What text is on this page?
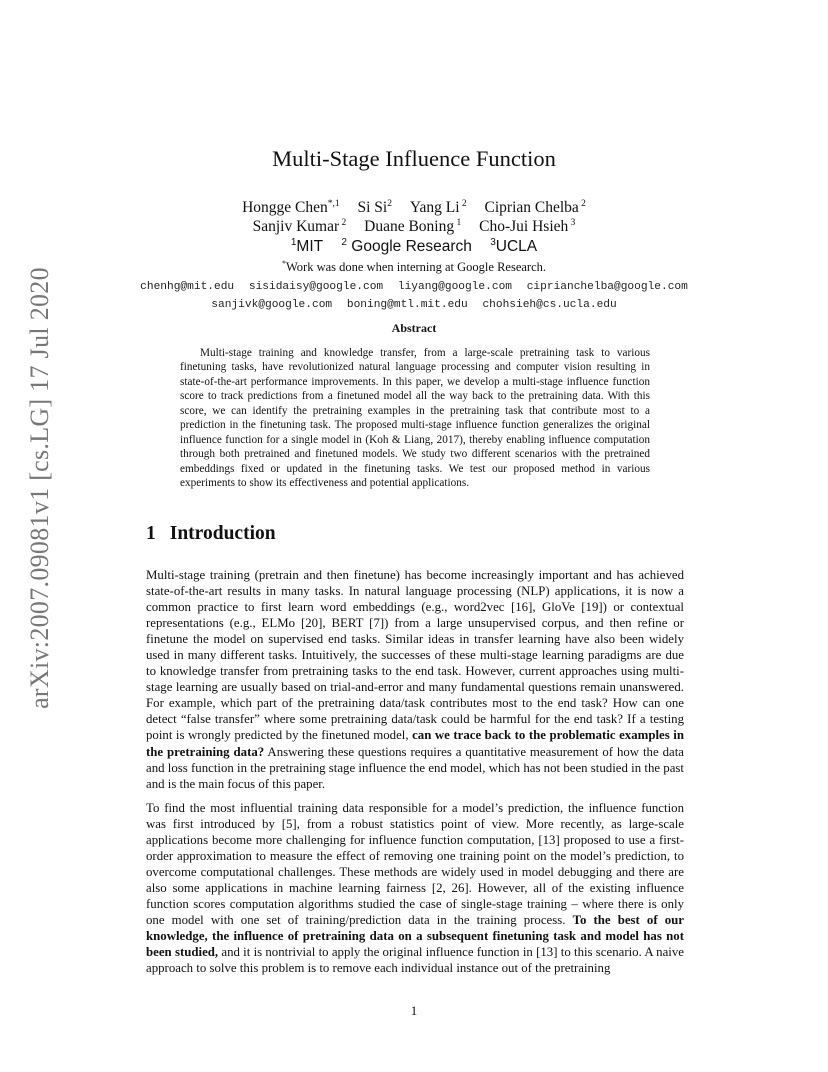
arXiv:2007.09081v1 [cs.LG] 17 Jul 2020
Multi-Stage Influence Function
Hongge Chen$^{*,1}$ Si Si$^2$ Yang Li $^2$ Ciprian Chelba $^2$
Sanjiv Kumar $^2$ Duane Boning $^1$ Cho-Jui Hsieh $^3$
$^1$MIT $^2$ Google Research $^3$UCLA
*Work was done when interning at Google Research.
chenhg@mit.edu sisidaisy@google.com liyang@google.com cipri​anchelba@google.com
sanjivk@google.com boning@mtl.mit.edu chohsieh@cs.ucla.edu
Abstract

Multi-stage training and knowledge transfer, from a large-scale pretraining task to various finetuning tasks, have revolutionized natural language processing and computer vision resulting in state-of-the-art performance improvements. In this paper, we develop a multi-stage influence function score to track predictions from a finetuned model all the way back to the pretraining data. With this score, we can identify the pretraining examples in the pretraining task that contribute most to a prediction in the finetuning task. The proposed multi-stage influence function generalizes the original influence function for a single model in (Koh & Liang, 2017), thereby enabling influence computation through both pretrained and finetuned models. We study two different scenarios with the pretrained embeddings fixed or updated in the finetuning tasks. We test our proposed method in various experiments to show its effectiveness and potential applications.

1 Introduction

Multi-stage training (pretrain and then finetune) has become increasingly important and has achieved state-of-the-art results in many tasks. In natural language processing (NLP) applications, it is now a common practice to first learn word embeddings (e.g., word2vec [16], GloVe [19]) or contextual representations (e.g., ELMo [20], BERT [7]) from a large unsupervised corpus, and then refine or finetune the model on supervised end tasks. Similar ideas in transfer learning have also been widely used in many different tasks. Intuitively, the successes of these multi-stage learning paradigms are due to knowledge transfer from pretraining tasks to the end task. However, current approaches using multi-stage learning are usually based on trial-and-error and many fundamental questions remain unanswered. For example, which part of the pretraining data/task contributes most to the end task? How can one detect “false transfer” where some pretraining data/task could be harmful for the end task? If a testing point is wrongly predicted by the finetuned model, can we trace back to the problematic examples in the pretraining data? Answering these questions requires a quantitative measurement of how the data and loss function in the pretraining stage influence the end model, which has not been studied in the past and is the main focus of this paper.

To find the most influential training data responsible for a model’s prediction, the influence function was first introduced by [5], from a robust statistics point of view. More recently, as large-scale applications become more challenging for influence function computation, [13] proposed to use a first-order approximation to measure the effect of removing one training point on the model’s prediction, to overcome computational challenges. These methods are widely used in model debugging and there are also some applications in machine learning fairness [2, 26]. However, all of the existing influence function scores computation algorithms studied the case of single-stage training – where there is only one model with one set of training/prediction data in the training process. To the best of our knowledge, the influence of pretraining data on a subsequent finetuning task and model has not been studied, and it is nontrivial to apply the original influence function in [13] to this scenario. A naive approach to solve this problem is to remove each individual instance out of the pretraining

1
